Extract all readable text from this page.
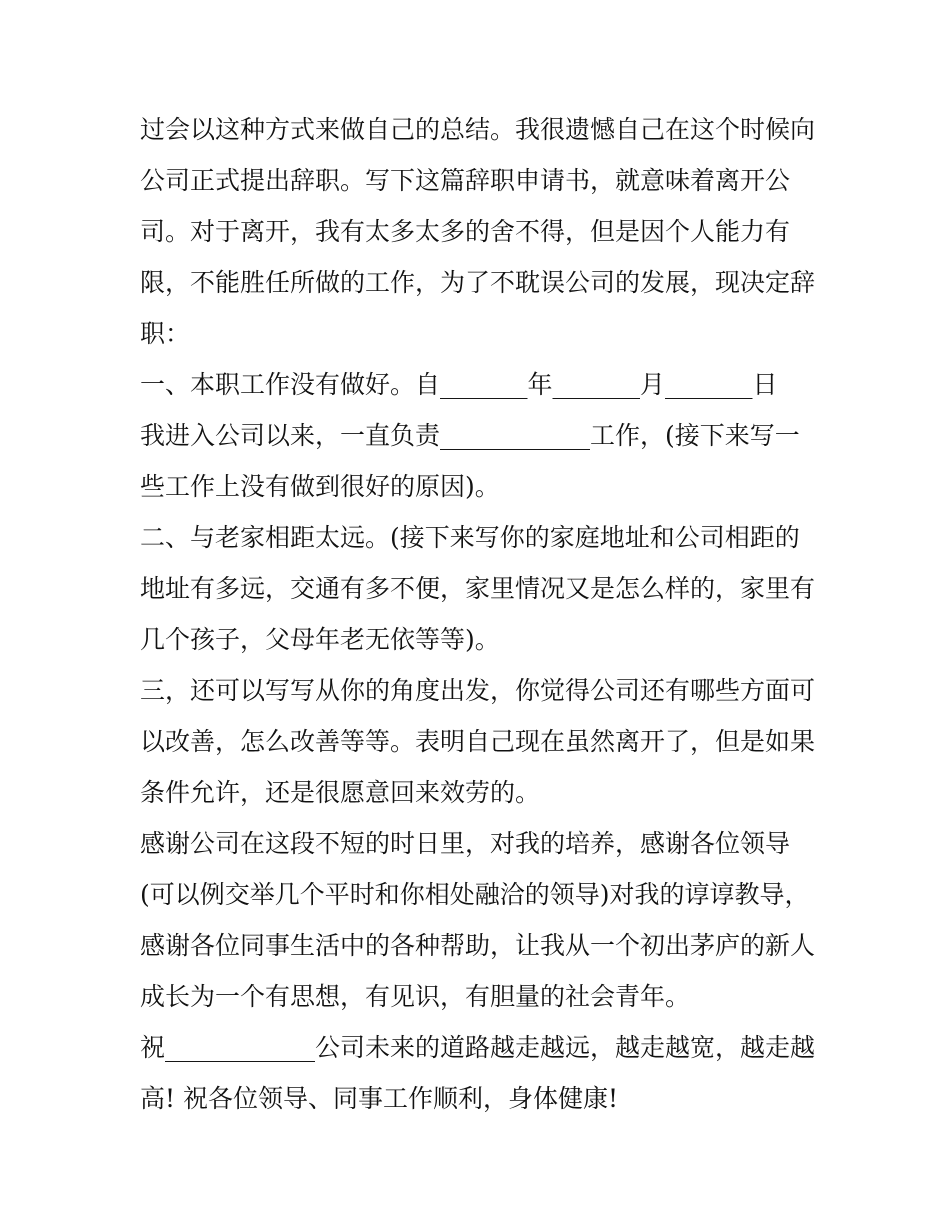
过会以这种方式来做自己的总结。我很遗憾自己在这个时候向
公司正式提出辞职。写下这篇辞职申请书，就意味着离开公
司。对于离开，我有太多太多的舍不得，但是因个人能力有
限，不能胜任所做的工作，为了不耽误公司的发展，现决定辞
职：
一、本职工作没有做好。自_______年_______月_______日
我进入公司以来，一直负责____________工作，(接下来写一
些工作上没有做到很好的原因)。
二、与老家相距太远。(接下来写你的家庭地址和公司相距的
地址有多远，交通有多不便，家里情况又是怎么样的，家里有
几个孩子，父母年老无依等等)。
三，还可以写写从你的角度出发，你觉得公司还有哪些方面可
以改善，怎么改善等等。表明自己现在虽然离开了，但是如果
条件允许，还是很愿意回来效劳的。
感谢公司在这段不短的时日里，对我的培养，感谢各位领导
(可以例交举几个平时和你相处融洽的领导)对我的谆谆教导，
感谢各位同事生活中的各种帮助，让我从一个初出茅庐的新人
成长为一个有思想，有见识，有胆量的社会青年。
祝____________公司未来的道路越走越远，越走越宽，越走越
高! 祝各位领导、同事工作顺利，身体健康!
